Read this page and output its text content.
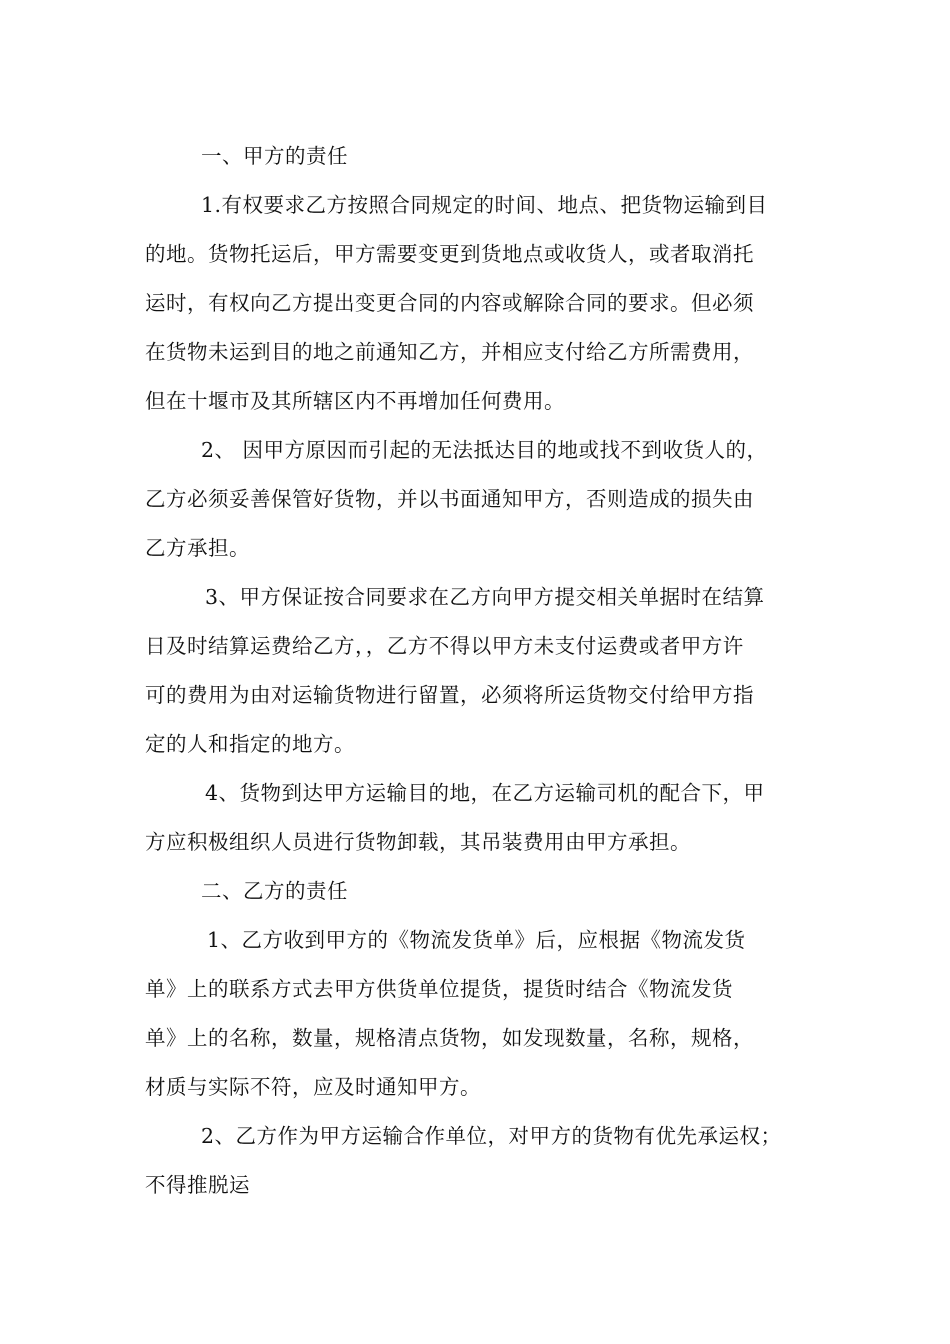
一、甲方的责任

1.有权要求乙方按照合同规定的时间、地点、把货物运输到目
的地。货物托运后，甲方需要变更到货地点或收货人，或者取消托
运时，有权向乙方提出变更合同的内容或解除合同的要求。但必须
在货物未运到目的地之前通知乙方，并相应支付给乙方所需费用，
但在十堰市及其所辖区内不再增加任何费用。

2、 因甲方原因而引起的无法抵达目的地或找不到收货人的，
乙方必须妥善保管好货物，并以书面通知甲方，否则造成的损失由
乙方承担。

3、甲方保证按合同要求在乙方向甲方提交相关单据时在结算
日及时结算运费给乙方，，乙方不得以甲方未支付运费或者甲方许
可的费用为由对运输货物进行留置，必须将所运货物交付给甲方指
定的人和指定的地方。

4、货物到达甲方运输目的地，在乙方运输司机的配合下，甲
方应积极组织人员进行货物卸载，其吊装费用由甲方承担。

二、乙方的责任

1、乙方收到甲方的《物流发货单》后，应根据《物流发货
单》上的联系方式去甲方供货单位提货，提货时结合《物流发货
单》上的名称，数量，规格清点货物，如发现数量，名称，规格，
材质与实际不符，应及时通知甲方。

2、乙方作为甲方运输合作单位，对甲方的货物有优先承运权；
不得推脱运
